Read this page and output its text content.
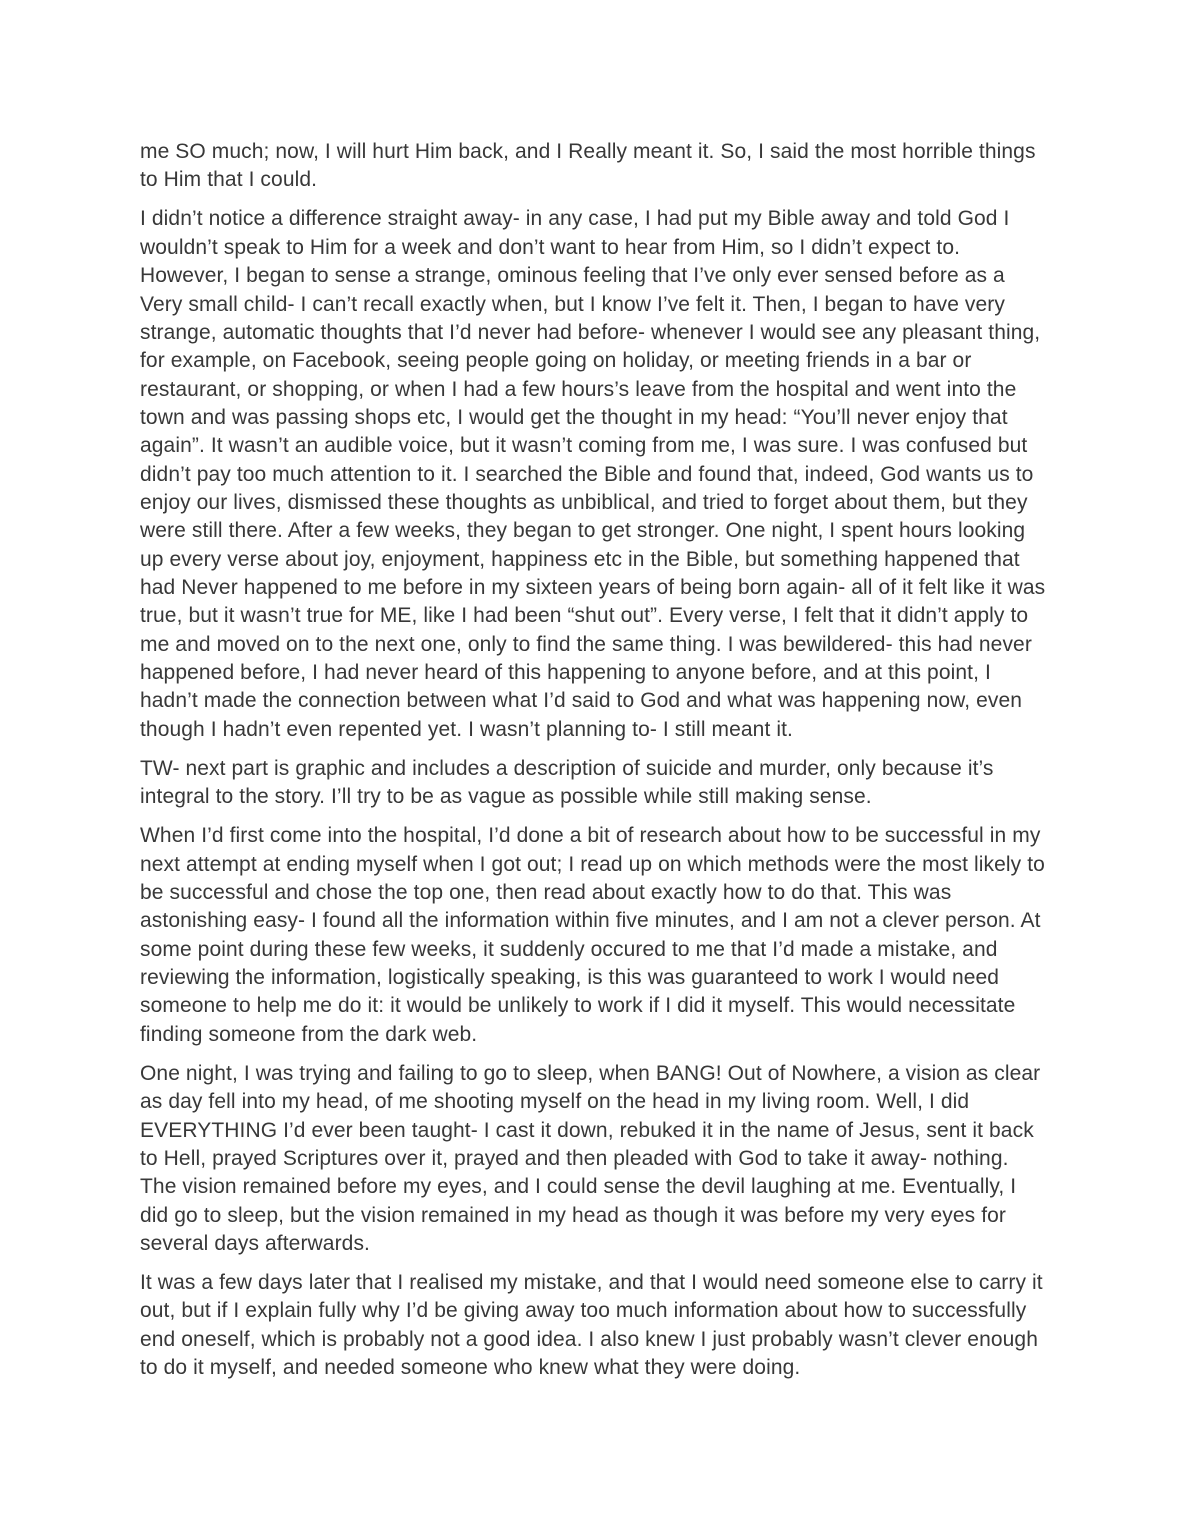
me SO much; now, I will hurt Him back, and I Really meant it. So, I said the most horrible things to Him that I could.

I didn’t notice a difference straight away- in any case, I had put my Bible away and told God I wouldn’t speak to Him for a week and don’t want to hear from Him, so I didn’t expect to. However, I began to sense a strange, ominous feeling that I’ve only ever sensed before as a Very small child- I can’t recall exactly when, but I know I’ve felt it. Then, I began to have very strange, automatic thoughts that I’d never had before- whenever I would see any pleasant thing, for example, on Facebook, seeing people going on holiday, or meeting friends in a bar or restaurant, or shopping, or when I had a few hours’s leave from the hospital and went into the town and was passing shops etc, I would get the thought in my head: “You’ll never enjoy that again”. It wasn’t an audible voice, but it wasn’t coming from me, I was sure. I was confused but didn’t pay too much attention to it. I searched the Bible and found that, indeed, God wants us to enjoy our lives, dismissed these thoughts as unbiblical, and tried to forget about them, but they were still there. After a few weeks, they began to get stronger. One night, I spent hours looking up every verse about joy, enjoyment, happiness etc in the Bible, but something happened that had Never happened to me before in my sixteen years of being born again- all of it felt like it was true, but it wasn’t true for ME, like I had been “shut out”. Every verse, I felt that it didn’t apply to me and moved on to the next one, only to find the same thing. I was bewildered- this had never happened before, I had never heard of this happening to anyone before, and at this point, I hadn’t made the connection between what I’d said to God and what was happening now, even though I hadn’t even repented yet. I wasn’t planning to- I still meant it.

TW- next part is graphic and includes a description of suicide and murder, only because it’s integral to the story. I’ll try to be as vague as possible while still making sense.

When I’d first come into the hospital, I’d done a bit of research about how to be successful in my next attempt at ending myself when I got out; I read up on which methods were the most likely to be successful and chose the top one, then read about exactly how to do that. This was astonishing easy- I found all the information within five minutes, and I am not a clever person. At some point during these few weeks, it suddenly occured to me that I’d made a mistake, and reviewing the information, logistically speaking, is this was guaranteed to work I would need someone to help me do it: it would be unlikely to work if I did it myself. This would necessitate finding someone from the dark web.

One night, I was trying and failing to go to sleep, when BANG! Out of Nowhere, a vision as clear as day fell into my head, of me shooting myself on the head in my living room. Well, I did EVERYTHING I’d ever been taught- I cast it down, rebuked it in the name of Jesus, sent it back to Hell, prayed Scriptures over it, prayed and then pleaded with God to take it away- nothing. The vision remained before my eyes, and I could sense the devil laughing at me. Eventually, I did go to sleep, but the vision remained in my head as though it was before my very eyes for several days afterwards.

It was a few days later that I realised my mistake, and that I would need someone else to carry it out, but if I explain fully why I’d be giving away too much information about how to successfully end oneself, which is probably not a good idea. I also knew I just probably wasn’t clever enough to do it myself, and needed someone who knew what they were doing.
